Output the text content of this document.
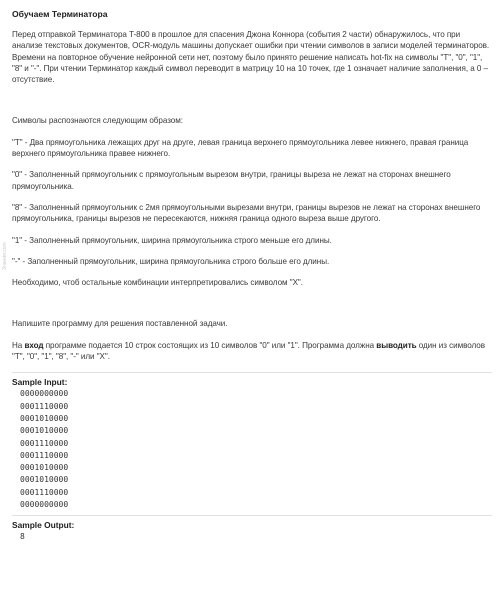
Знания.com
Обучаем Терминатора

Перед отправкой Терминатора T-800 в прошлое для спасения Джона Коннора (события 2 части) обнаружилось, что при анализе текстовых документов, OCR-модуль машины допускает ошибки при чтении символов в записи моделей терминаторов. Времени на повторное обучение нейронной сети нет, поэтому было принято решение написать hot-fix на символы "T", "0", "1", "8" и "-". При чтении Терминатор каждый символ переводит в матрицу 10 на 10 точек, где 1 означает наличие заполнения, а 0 – отсутствие.

Символы распознаются следующим образом:

"T" - Два прямоугольника лежащих друг на друге, левая граница верхнего прямоугольника левее нижнего, правая граница верхнего прямоугольника правее нижнего.

"0" - Заполненный прямоугольник с прямоугольным вырезом внутри, границы выреза не лежат на сторонах внешнего прямоугольника.

"8" - Заполненный прямоугольник с 2мя прямоугольными вырезами внутри, границы вырезов не лежат на сторонах внешнего прямоугольника, границы вырезов не пересекаются, нижняя граница одного выреза выше другого.

"1" - Заполненный прямоугольник, ширина прямоугольника строго меньше его длины.

"-" - Заполненный прямоугольник, ширина прямоугольника строго больше его длины.

Необходимо, чтоб остальные комбинации интерпретировались символом "X".

Напишите программу для решения поставленной задачи.

На вход программе подается 10 строк состоящих из 10 символов "0" или "1". Программа должна выводить один из символов "T", "0", "1", "8", "-" или "X".

Sample Input:
0000000000
0001110000
0001010000
0001010000
0001110000
0001110000
0001010000
0001010000
0001110000
0000000000
Sample Output:
8
